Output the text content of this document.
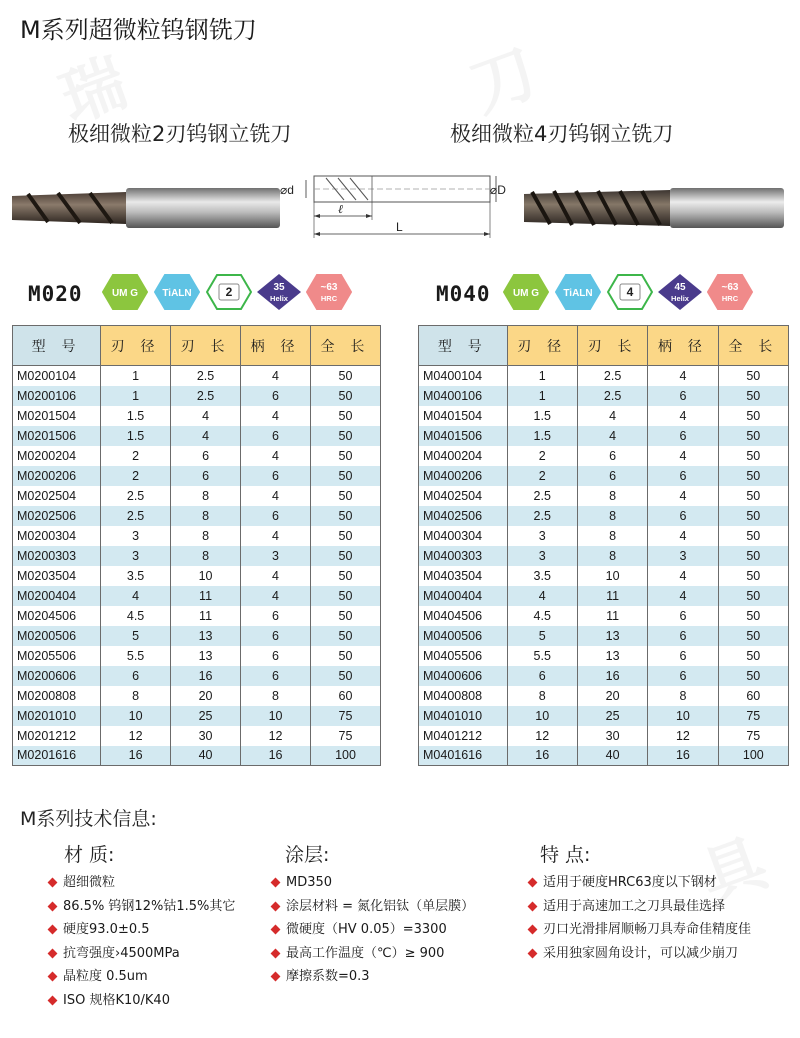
瑞	刀
具
M系列超微粒钨钢铣刀
极细微粒2刃钨钢立铣刀	极细微粒4刃钨钢立铣刀
⌀d	⌀D
ℓ
L
M020	M040
UM G TiALN	2	35
Helix
~63
HRC	UM G TiALN	4	45
Helix
~63
HRC
型 号	刃 径	刃 长	柄 径	全 长
M0200104	1	2.5	4	50
M0200106	1	2.5	6	50
M0201504	1.5	4	4	50
M0201506	1.5	4	6	50
M0200204	2	6	4	50
M0200206	2	6	6	50
M0202504	2.5	8	4	50
M0202506	2.5	8	6	50
M0200304	3	8	4	50
M0200303	3	8	3	50
M0203504	3.5	10	4	50
M0200404	4	11	4	50
M0204506	4.5	11	6	50
M0200506	5	13	6	50
M0205506	5.5	13	6	50
M0200606	6	16	6	50
M0200808	8	20	8	60
M0201010	10	25	10	75
M0201212	12	30	12	75
M0201616	16	40	16	100
型 号	刃 径	刃 长	柄 径	全 长
M0400104	1	2.5	4	50
M0400106	1	2.5	6	50
M0401504	1.5	4	4	50
M0401506	1.5	4	6	50
M0400204	2	6	4	50
M0400206	2	6	6	50
M0402504	2.5	8	4	50
M0402506	2.5	8	6	50
M0400304	3	8	4	50
M0400303	3	8	3	50
M0403504	3.5	10	4	50
M0400404	4	11	4	50
M0404506	4.5	11	6	50
M0400506	5	13	6	50
M0405506	5.5	13	6	50
M0400606	6	16	6	50
M0400808	8	20	8	60
M0401010	10	25	10	75
M0401212	12	30	12	75
M0401616	16	40	16	100
M系列技术信息:
材 质:	涂层:	特 点:
超细微粒
86.5% 钨钢12%钴1.5%其它
硬度93.0±0.5
抗弯强度›4500MPa
晶粒度 0.5um
ISO 规格K10/K40
MD350
涂层材料 = 氮化铝钛（单层膜）
微硬度（HV 0.05）=3300
最高工作温度（℃）≥ 900
摩擦系数=0.3
适用于硬度HRC63度以下钢材
适用于高速加工之刀具最佳选择
刃口光滑排屑顺畅刀具寿命佳精度佳
采用独家圆角设计，可以减少崩刀
